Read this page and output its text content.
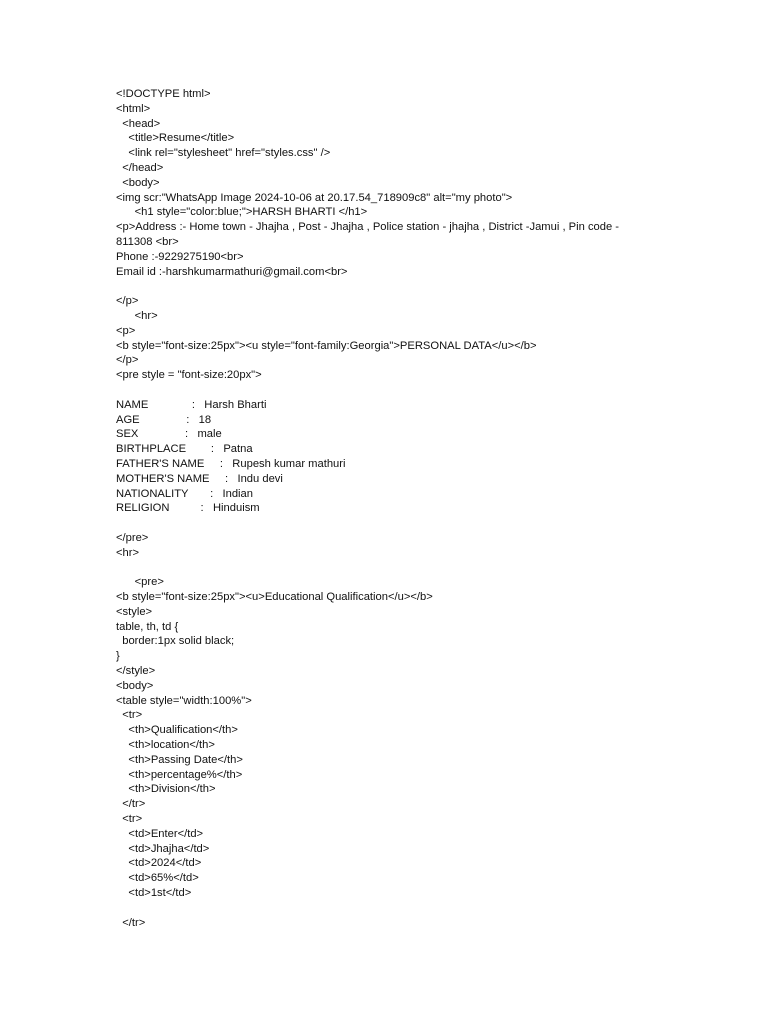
<!DOCTYPE html>
<html>
<head>
<title>Resume</title>
<link rel="stylesheet" href="styles.css" />
</head>
<body>
<img scr:"WhatsApp Image 2024-10-06 at 20.17.54_718909c8" alt="my photo">
<h1 style="color:blue;">HARSH BHARTI </h1>
<p>Address :- Home town - Jhajha , Post - Jhajha , Police station - jhajha , District -Jamui , Pin code -
811308 <br>
Phone :-9229275190<br>
Email id :-harshkumarmathuri@gmail.com<br>
</p>
<hr>
<p>
<b style="font-size:25px"><u style="font-family:Georgia">PERSONAL DATA</u></b>
</p>
<pre style = "font-size:20px">
NAME              :   Harsh Bharti
AGE               :   18
SEX               :   male
BIRTHPLACE        :   Patna
FATHER'S NAME     :   Rupesh kumar mathuri
MOTHER'S NAME     :   Indu devi
NATIONALITY       :   Indian
RELIGION          :   Hinduism
</pre>
<hr>
<pre>
<b style="font-size:25px"><u>Educational Qualification</u></b>
<style>
table, th, td {
border:1px solid black;
}
</style>
<body>
<table style="width:100%">
<tr>
<th>Qualification</th>
<th>location</th>
<th>Passing Date</th>
<th>percentage%</th>
<th>Division</th>
</tr>
<tr>
<td>Enter</td>
<td>Jhajha</td>
<td>2024</td>
<td>65%</td>
<td>1st</td>
</tr>
